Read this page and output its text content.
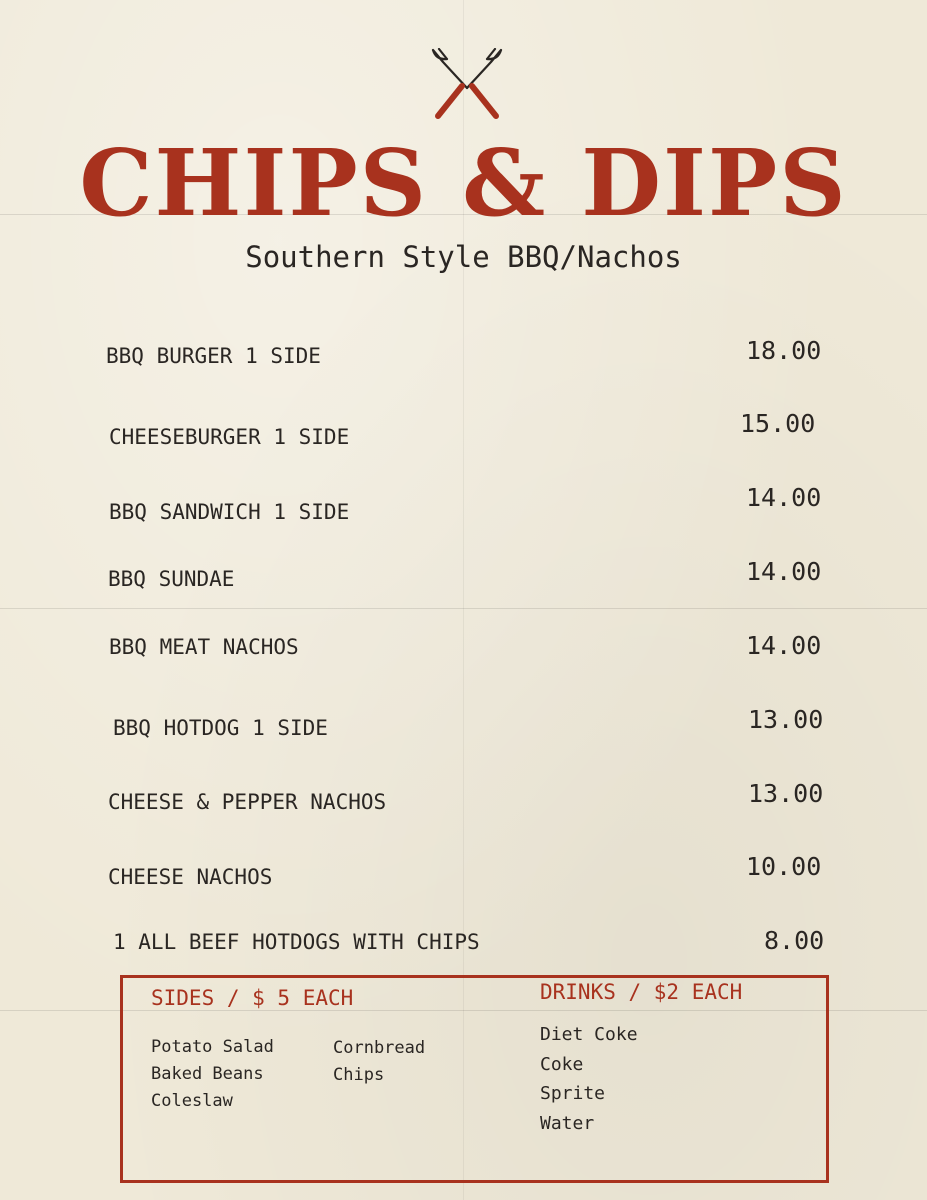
CHIPS & DIPS
Southern Style BBQ/Nachos
BBQ BURGER 1 SIDE	18.00
CHEESEBURGER 1 SIDE	15.00
BBQ SANDWICH 1 SIDE	14.00
BBQ SUNDAE	14.00
BBQ MEAT NACHOS	14.00
BBQ HOTDOG 1 SIDE	13.00
CHEESE & PEPPER NACHOS	13.00
CHEESE NACHOS	10.00
1 ALL BEEF HOTDOGS WITH CHIPS	8.00
SIDES / $ 5 EACH
Potato Salad
Baked Beans
Coleslaw
Cornbread
Chips
DRINKS / $2 EACH
Diet Coke
Coke
Sprite
Water
